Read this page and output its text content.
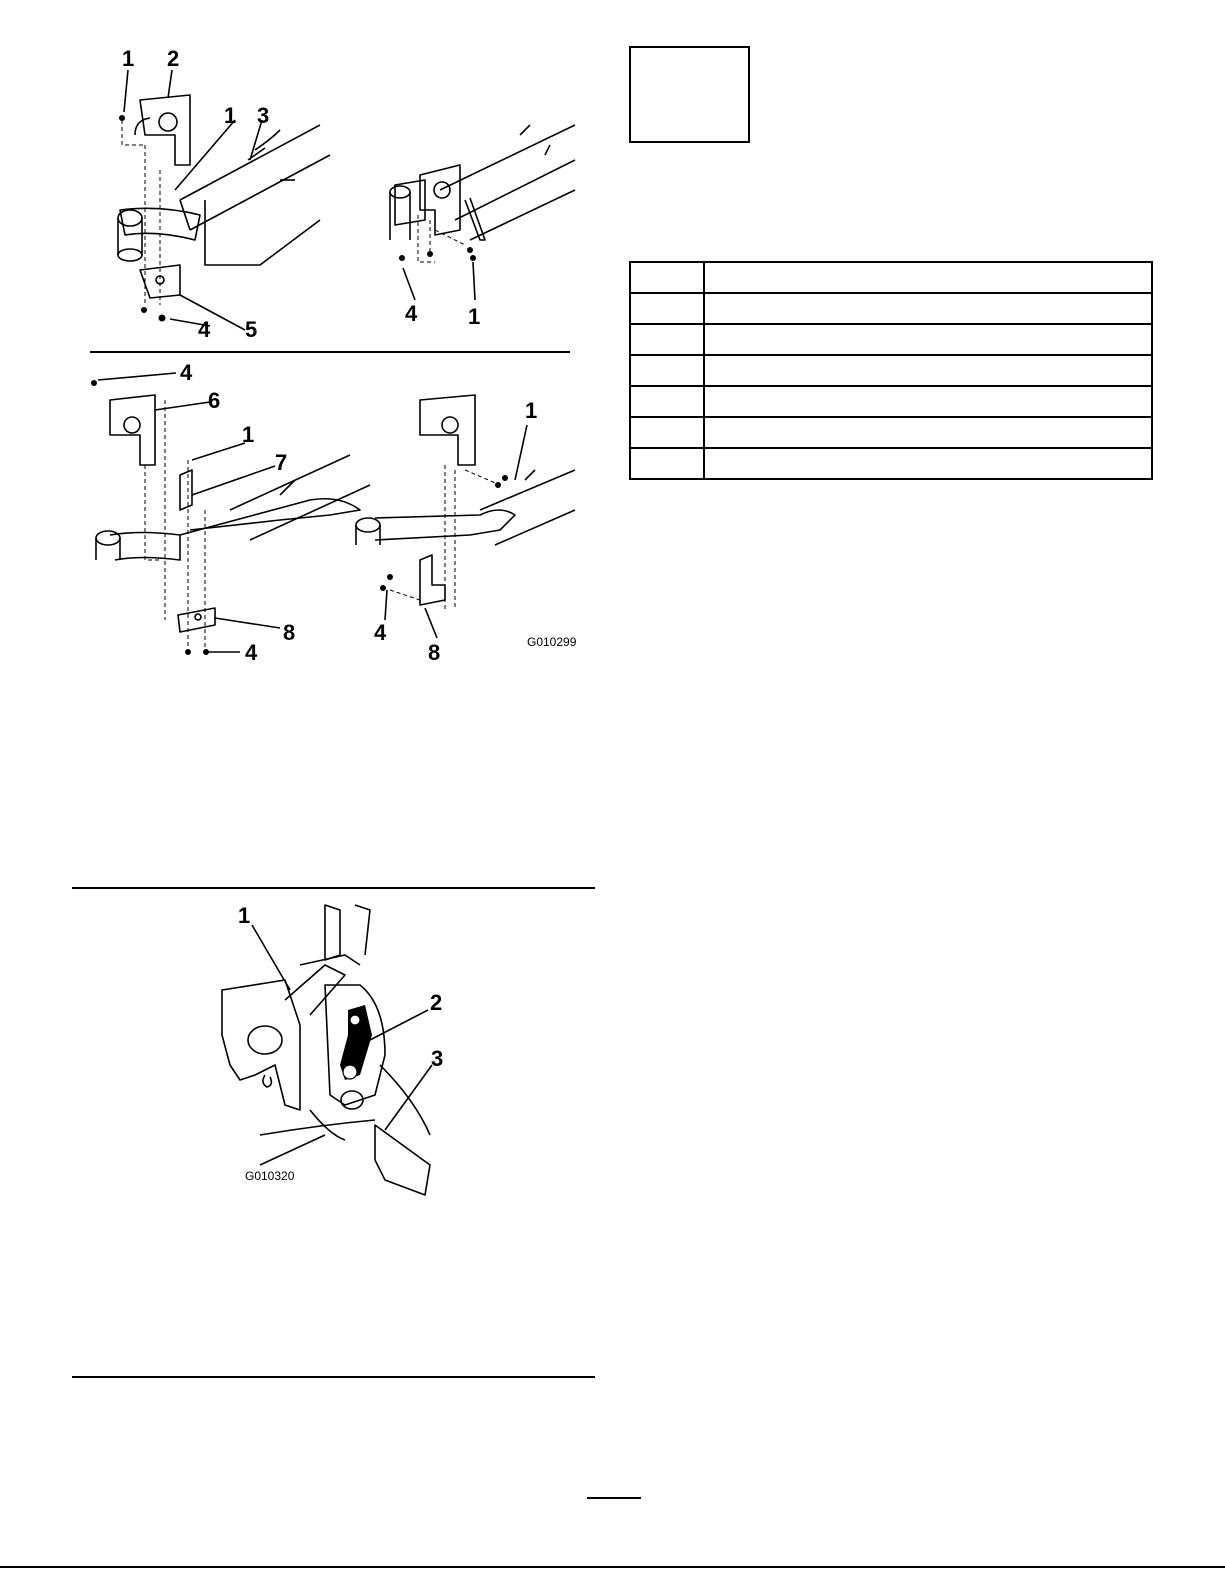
1 2
1 3
4 5
4 1
4
6
1
7
8
4
1
4
8	G010299
1
2
3
G010320
